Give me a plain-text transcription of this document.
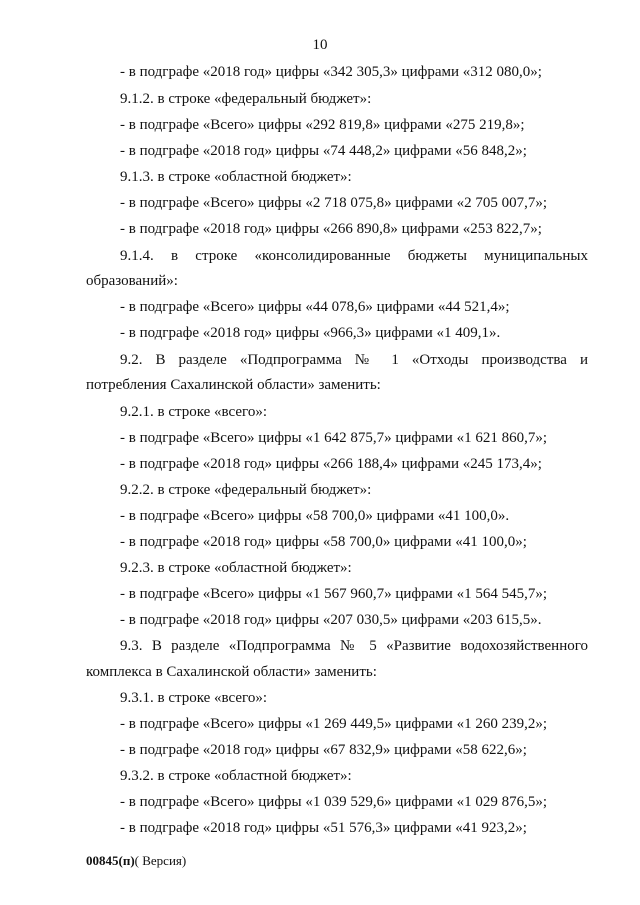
10
- в подграфе «2018 год» цифры «342 305,3» цифрами «312 080,0»;
9.1.2. в строке «федеральный бюджет»:
- в подграфе «Всего» цифры «292 819,8» цифрами «275 219,8»;
- в подграфе «2018 год» цифры «74 448,2» цифрами «56 848,2»;
9.1.3. в строке «областной бюджет»:
- в подграфе «Всего» цифры «2 718 075,8» цифрами «2 705 007,7»;
- в подграфе «2018 год» цифры «266 890,8» цифрами «253 822,7»;
9.1.4. в строке «консолидированные бюджеты муниципальных
образований»:
- в подграфе «Всего» цифры «44 078,6» цифрами «44 521,4»;
- в подграфе «2018 год» цифры «966,3» цифрами «1 409,1».
9.2. В разделе «Подпрограмма № 1 «Отходы производства и
потребления Сахалинской области» заменить:
9.2.1. в строке «всего»:
- в подграфе «Всего» цифры «1 642 875,7» цифрами «1 621 860,7»;
- в подграфе «2018 год» цифры «266 188,4» цифрами «245 173,4»;
9.2.2. в строке «федеральный бюджет»:
- в подграфе «Всего» цифры «58 700,0» цифрами «41 100,0».
- в подграфе «2018 год» цифры «58 700,0» цифрами «41 100,0»;
9.2.3. в строке «областной бюджет»:
- в подграфе «Всего» цифры «1 567 960,7» цифрами «1 564 545,7»;
- в подграфе «2018 год» цифры «207 030,5» цифрами «203 615,5».
9.3. В разделе «Подпрограмма № 5 «Развитие водохозяйственного
комплекса в Сахалинской области» заменить:
9.3.1. в строке «всего»:
- в подграфе «Всего» цифры «1 269 449,5» цифрами «1 260 239,2»;
- в подграфе «2018 год» цифры «67 832,9» цифрами «58 622,6»;
9.3.2. в строке «областной бюджет»:
- в подграфе «Всего» цифры «1 039 529,6» цифрами «1 029 876,5»;
- в подграфе «2018 год» цифры «51 576,3» цифрами «41 923,2»;
00845(п)( Версия)
